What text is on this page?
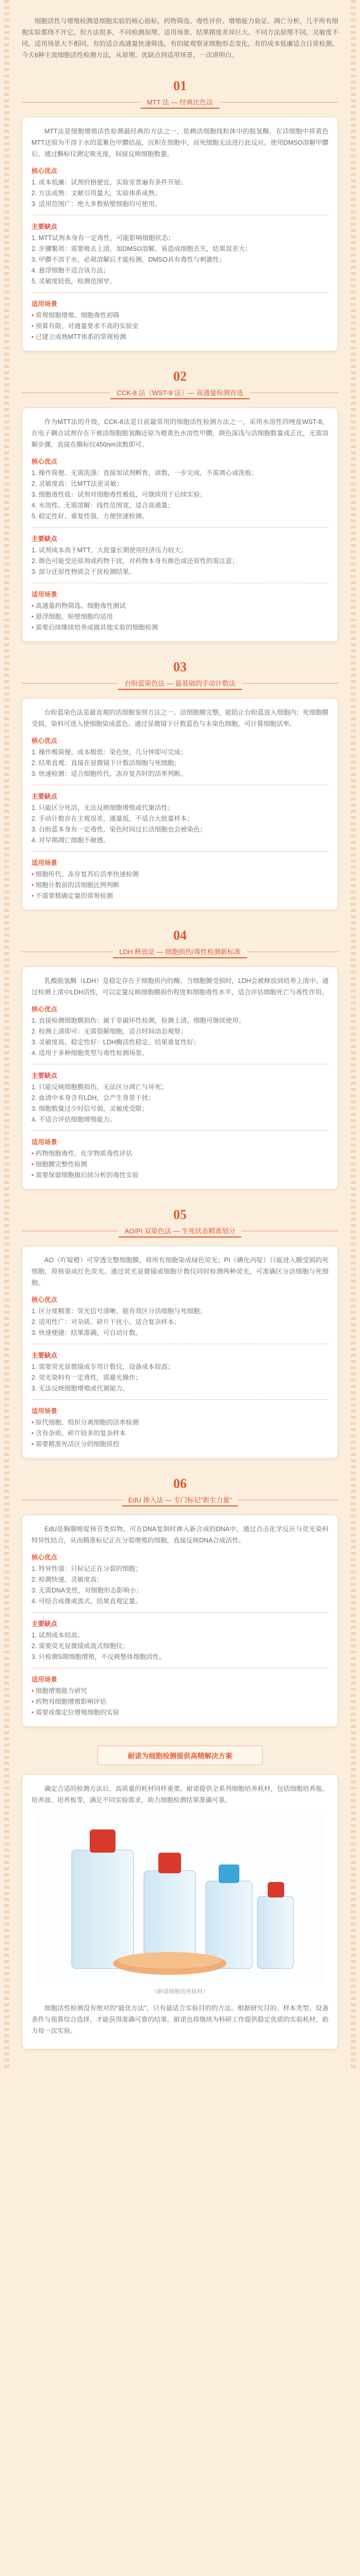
细胞活性与增殖检测是细胞实验的核心指标，药物筛选、毒性评价、增殖能力验证、凋亡分析，几乎所有细胞实验都绕不开它。但方法很多，不同检测原理、适用场景、结果精度差异巨大。不同方法原理不同，灵敏度不同，适用场景大不相同。有的适合高通量快速筛选，有的能观察亚细胞形态变化，有的成本低廉适合日常检测。今天6种主流细胞活性检测方法，从原理、优缺点到适用场景，一次讲明白。

01
MTT 法 — 经典比色法

MTT法是细胞增殖活性检测最经典的方法之一，依赖活细胞线粒体中的脱氢酶，在活细胞中将黄色MTT还原为不溶于水的蓝紫色甲臜结晶，沉积在细胞中，而死细胞无法进行此反应。使用DMSO溶解甲臜后，通过酶标仪测定吸光度，间接反映细胞数量。

核心优点
1. 成本低廉：试剂价格便宜，实验室普遍有条件开展；
2. 方法成熟：文献引用量大，实验体系成熟；
3. 适用范围广：绝大多数贴壁细胞均可使用。
主要缺点
1. MTT试剂本身有一定毒性，可能影响细胞状态；
2. 步骤繁琐：需要吸去上清，加DMSO溶解，易造成细胞丢失，结果误差大；
3. 甲臜不溶于水，必须溶解后才能检测，DMSO具有毒性与刺激性；
4. 悬浮细胞不适合该方法；
5. 灵敏度较低，检测范围窄。
适用场景
• 常规细胞增殖、细胞毒性初筛
• 预算有限、对通量要求不高的实验室
• 已建立成熟MTT体系的常规检测
02
CCK-8 法（WST-8 法）— 高通量检测首选

作为MTT法的升级，CCK-8法是目前最常用的细胞活性检测方法之一，采用水溶性四唑盐WST-8，在电子耦合试剂存在下被活细胞脱氢酶还原为橙黄色水溶性甲臜，颜色深浅与活细胞数量成正比，无需溶解步骤，直接在酶标仪450nm读数即可。

核心优点
1. 操作简便、无需洗涤：直接加试剂孵育，读数，一步完成，不需离心或洗板；
2. 灵敏度高：比MTT法更灵敏；
3. 细胞毒性低：试剂对细胞毒性极低，可继续用于后续实验；
4. 水溶性、无需溶解：线性范围宽，适合高通量；
5. 稳定性好、重复性强，方便快速检测。
主要缺点
1. 试剂成本高于MTT，大批量长期使用经济压力较大；
2. 颜色可能受还原剂或药物干扰，对药物本身有颜色或还原性的需注意；
3. 部分还原性物质会干扰检测结果。
适用场景
• 高通量药物筛选、细胞毒性测试
• 悬浮细胞、贴壁细胞均适用
• 需要后续继续培养或做其他实验的细胞检测
03
台盼蓝染色法 — 最基础的手动计数法

台盼蓝染色法是最直观的活细胞鉴别方法之一。活细胞膜完整，能阻止台盼蓝进入细胞内；死细胞膜受损，染料可进入使细胞染成蓝色。通过显微镜下计数蓝色与未染色细胞，可计算细胞活率。

核心优点
1. 操作极简便、成本极低：染色快，几分钟即可完成；
2. 结果直观：直接在显微镜下计数活细胞与死细胞；
3. 快速检测：适合细胞传代、冻存复苏时的活率判断。
主要缺点
1. 只能区分死活，无法反映细胞增殖或代谢活性；
2. 手动计数存在主观误差，通量低，不适合大批量样本；
3. 台盼蓝本身有一定毒性，染色时间过长活细胞也会被染色；
4. 对早期凋亡细胞不敏感。
适用场景
• 细胞传代、冻存复苏后活率快速检测
• 细胞计数前的活细胞比例判断
• 不需要精确定量的常规检测
04
LDH 释放法 — 细胞损伤/毒性检测新标准

乳酸脱氢酶（LDH）是稳定存在于细胞质内的酶。当细胞膜受损时，LDH会被释放到培养上清中。通过检测上清中LDH活性，可以定量反映细胞膜损伤程度和细胞毒性水平，适合评估细胞死亡与毒性作用。

核心优点
1. 直接检测细胞膜损伤：属于非破坏性检测，检测上清，细胞可继续使用；
2. 检测上清即可：无需裂解细胞，适合时间动态观察；
3. 灵敏度高、稳定性好：LDH酶活性稳定，结果重复性好；
4. 适用于多种细胞类型与毒性检测场景。
主要缺点
1. 只能反映细胞膜损伤，无法区分凋亡与坏死；
2. 血清中本身含有LDH，会产生背景干扰；
3. 细胞数量过少时信号弱，灵敏度受限；
4. 不适合评估细胞增殖能力。
适用场景
• 药物细胞毒性、化学物质毒性评估
• 细胞膜完整性检测
• 需要保留细胞做后续分析的毒性实验
05
AO/PI 双染色法 — 生死状态精准划分

AO（吖啶橙）可穿透完整细胞膜，将所有细胞染成绿色荧光；PI（碘化丙啶）只能进入膜受损的死细胞，将核染成红色荧光。通过荧光显微镜或细胞计数仪同时检测两种荧光，可准确区分活细胞与死细胞。

核心优点
1. 区分度精准：荧光信号清晰，能有效区分活细胞与死细胞；
2. 适用性广：对杂质、碎片干扰小，适合复杂样本；
3. 快速便捷：结果准确，可自动计数。
主要缺点
1. 需要荧光显微镜或专用计数仪，设备成本较高；
2. 荧光染料有一定毒性，需避光操作；
3. 无法反映细胞增殖或代谢能力。
适用场景
• 原代细胞、组织分离细胞的活率检测
• 含有杂质、碎片较多的复杂样本
• 需要精准死活区分的细胞质控
06
EdU 掺入法 — 专门标记“新生力量”

EdU是胸腺嘧啶核苷类似物，可在DNA复制时掺入新合成的DNA中，通过点击化学反应与荧光染料特异性结合，从而精准标记正在分裂增殖的细胞，直接反映DNA合成活性。

核心优点
1. 特异性强：只标记正在分裂的细胞；
2. 检测快速、灵敏度高；
3. 无需DNA变性，对细胞形态影响小；
4. 可结合成像或流式，结果直观定量。
主要缺点
1. 试剂成本较高；
2. 需要荧光显微镜或流式细胞仪；
3. 只检测S期细胞增殖，不反映整体细胞活性。
适用场景
• 细胞增殖能力研究
• 药物对细胞增殖影响评估
• 需要成像定位增殖细胞的实验
耐诺为细胞检测提供高精解决方案

确定合适的检测方法后，高质量的耗材同样重要。耐诺提供全系列细胞培养耗材，包括细胞培养瓶、培养皿、培养板等，满足不同实验需求，助力细胞检测结果准确可靠。

（耐诺细胞培养耗材）

细胞活性检测没有绝对的“最优方法”，只有最适合实验目的的方法。根据研究目的、样本类型、设备条件与预算综合选择，才能获得准确可靠的结果。耐诺也将继续为科研工作提供稳定优质的实验耗材，助力每一次实验。
